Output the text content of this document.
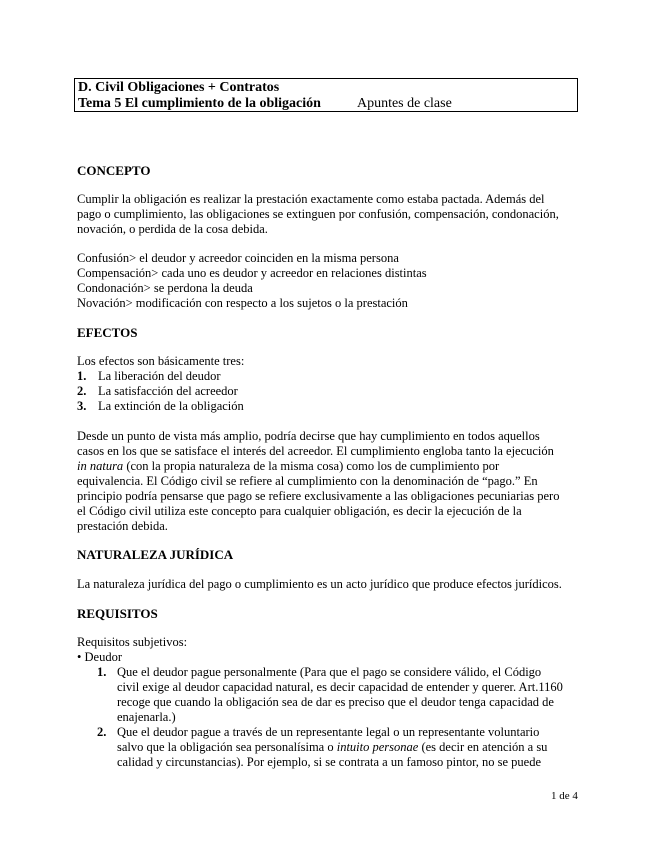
D. Civil Obligaciones + Contratos
Tema 5 El cumplimiento de la obligación	Apuntes de clase
CONCEPTO
Cumplir la obligación es realizar la prestación exactamente como estaba pactada. Además del
pago o cumplimiento, las obligaciones se extinguen por confusión, compensación, condonación,
novación, o perdida de la cosa debida.
Confusión> el deudor y acreedor coinciden en la misma persona
Compensación> cada uno es deudor y acreedor en relaciones distintas
Condonación> se perdona la deuda
Novación> modificación con respecto a los sujetos o la prestación
EFECTOS
Los efectos son básicamente tres:
1. La liberación del deudor
2. La satisfacción del acreedor
3. La extinción de la obligación
Desde un punto de vista más amplio, podría decirse que hay cumplimiento en todos aquellos
casos en los que se satisface el interés del acreedor. El cumplimiento engloba tanto la ejecución
in natura (con la propia naturaleza de la misma cosa) como los de cumplimiento por
equivalencia. El Código civil se refiere al cumplimiento con la denominación de “pago.” En
principio podría pensarse que pago se refiere exclusivamente a las obligaciones pecuniarias pero
el Código civil utiliza este concepto para cualquier obligación, es decir la ejecución de la
prestación debida.
NATURALEZA JURÍDICA
La naturaleza jurídica del pago o cumplimiento es un acto jurídico que produce efectos jurídicos.
REQUISITOS
Requisitos subjetivos:
• Deudor
1. Que el deudor pague personalmente (Para que el pago se considere válido, el Código
civil exige al deudor capacidad natural, es decir capacidad de entender y querer. Art.1160
recoge que cuando la obligación sea de dar es preciso que el deudor tenga capacidad de
enajenarla.)
2. Que el deudor pague a través de un representante legal o un representante voluntario
salvo que la obligación sea personalísima o intuito personae (es decir en atención a su
calidad y circunstancias). Por ejemplo, si se contrata a un famoso pintor, no se puede
1 de 4
